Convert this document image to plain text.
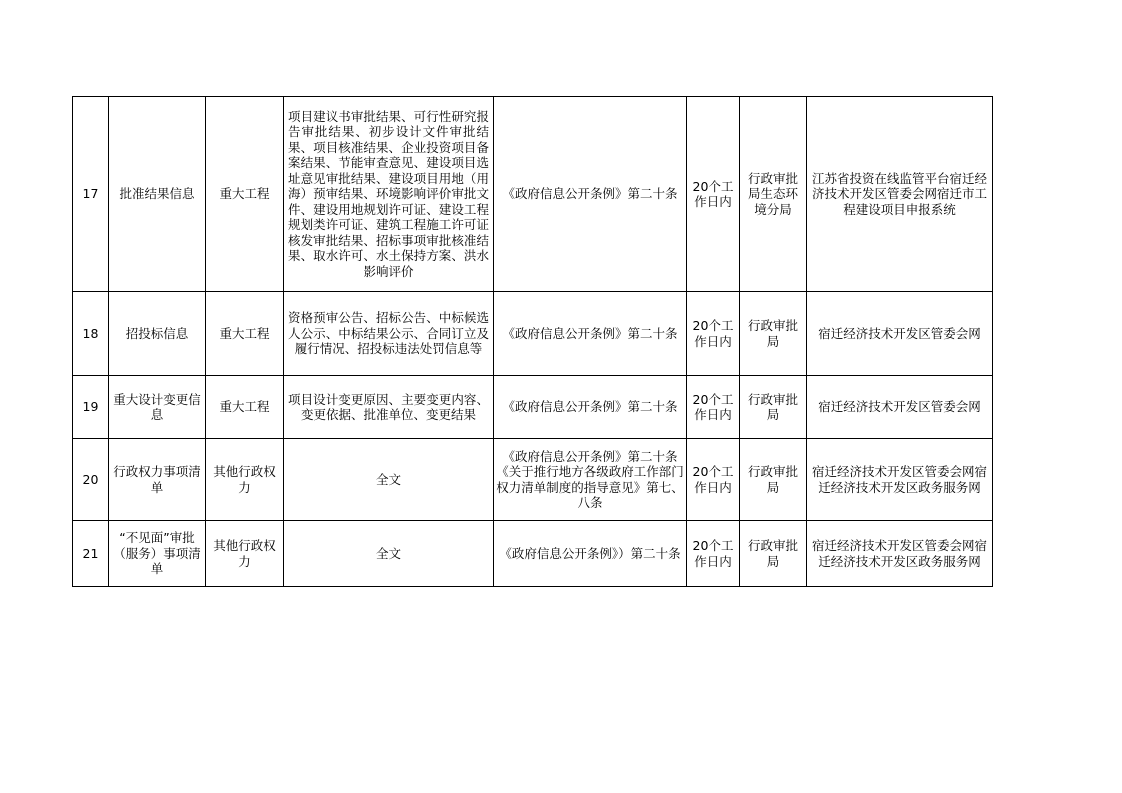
17	批准结果信息	重大工程	项目建议书审批结果、可行性研究报告审批结果、初步设计文件审批结果、项目核准结果、企业投资项目备案结果、节能审查意见、建设项目选址意见审批结果、建设项目用地（用海）预审结果、环境影响评价审批文件、建设用地规划许可证、建设工程规划类许可证、建筑工程施工许可证核发审批结果、招标事项审批核准结果、取水许可、水土保持方案、洪水影响评价	《政府信息公开条例》第二十条	20个工作日内	行政审批局生态环境分局	江苏省投资在线监管平台宿迁经济技术开发区管委会网宿迁市工程建设项目申报系统
18	招投标信息	重大工程	资格预审公告、招标公告、中标候选人公示、中标结果公示、合同订立及履行情况、招投标违法处罚信息等	《政府信息公开条例》第二十条	20个工作日内	行政审批局	宿迁经济技术开发区管委会网
19	重大设计变更信息	重大工程	项目设计变更原因、主要变更内容、变更依据、批准单位、变更结果	《政府信息公开条例》第二十条	20个工作日内	行政审批局	宿迁经济技术开发区管委会网
20	行政权力事项清单	其他行政权力	全文	《政府信息公开条例》第二十条《关于推行地方各级政府工作部门权力清单制度的指导意见》第七、八条	20个工作日内	行政审批局	宿迁经济技术开发区管委会网宿迁经济技术开发区政务服务网
21	“不见面”审批（服务）事项清单	其他行政权力	全文	《政府信息公开条例》）第二十条	20个工作日内	行政审批局	宿迁经济技术开发区管委会网宿迁经济技术开发区政务服务网
